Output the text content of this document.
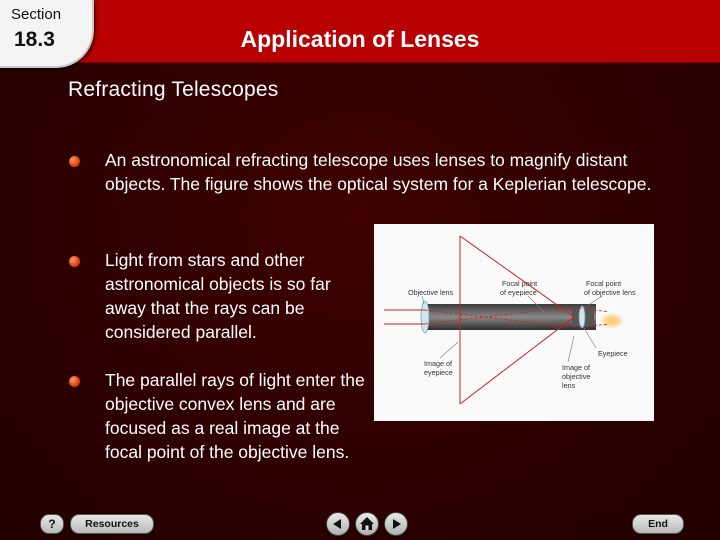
Section
18.3	Application of Lenses
Refracting Telescopes
An astronomical refracting telescope uses lenses to magnify distant objects. The figure shows the optical system for a Keplerian telescope.
Light from stars and other astronomical objects is so far away that the rays can be considered parallel.
The parallel rays of light enter the objective convex lens and are focused as a real image at the focal point of the objective lens.
Objective lens
Focal point
of eyepiece
Focal point
of objective lens
Eyepiece
Image of
eyepiece
Image of
objective
lens
?	Resources	End
